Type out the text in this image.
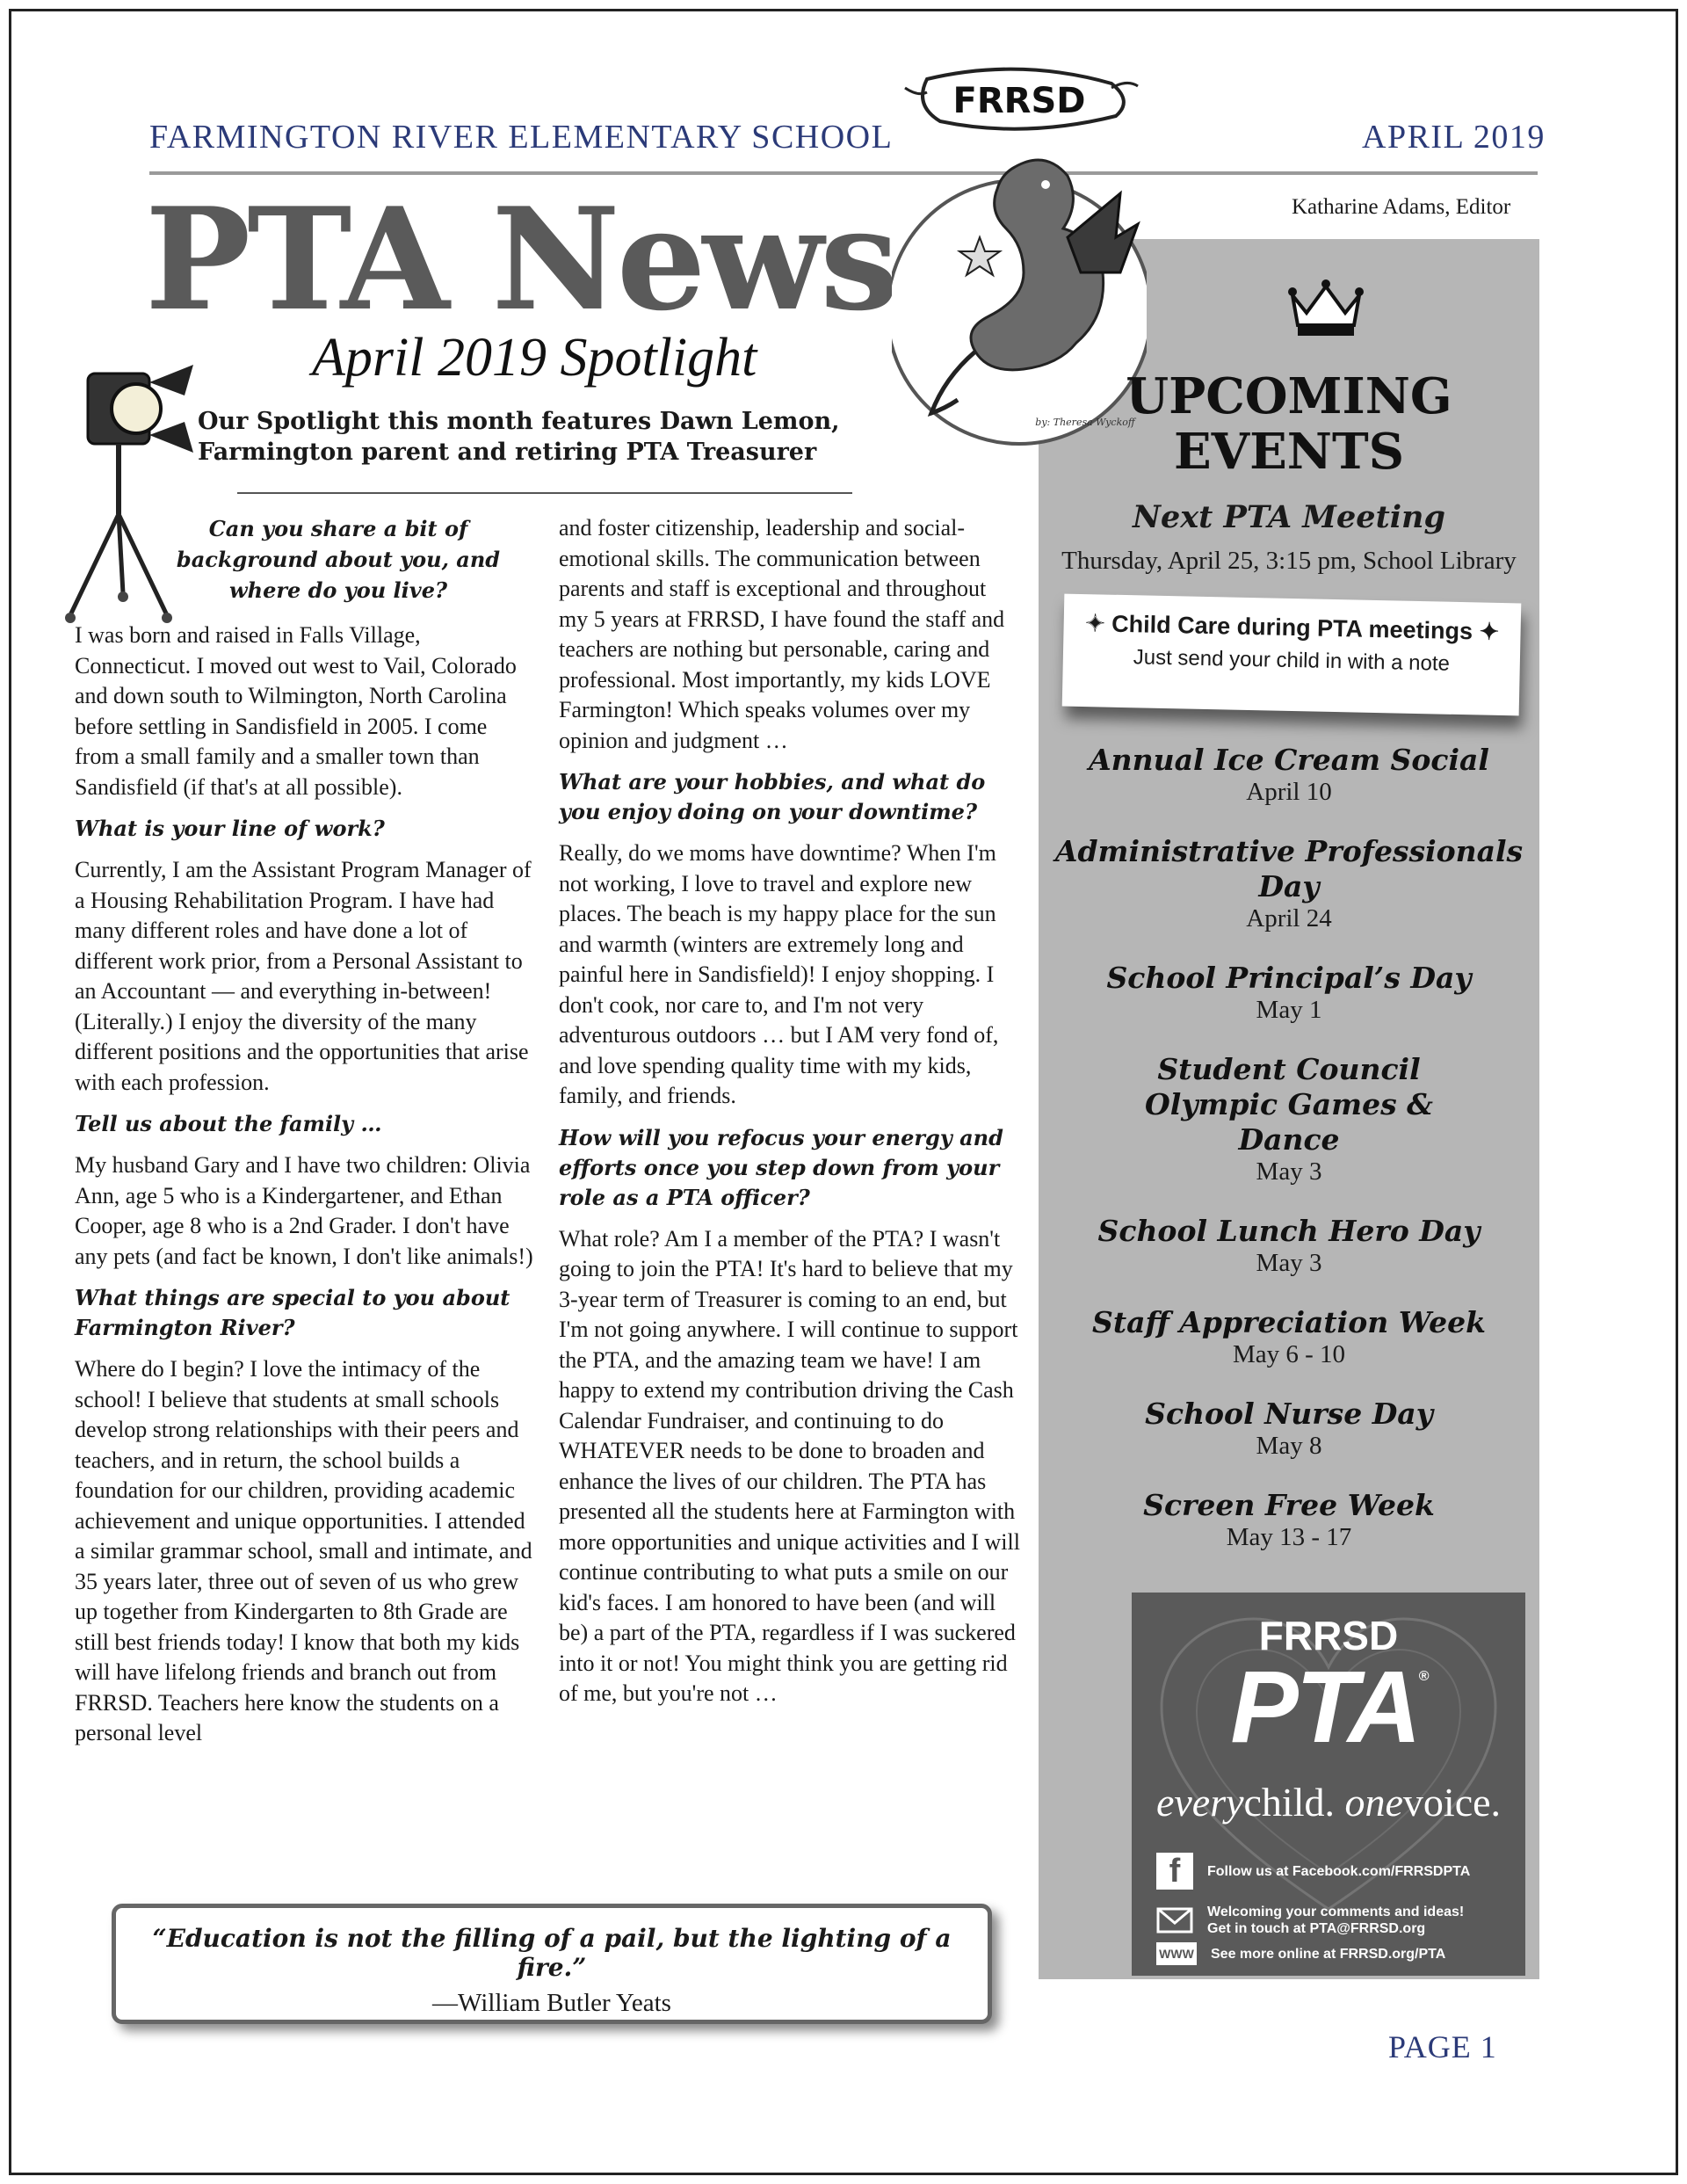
FARMINGTON RIVER ELEMENTARY SCHOOL	APRIL 2019
Katharine Adams, Editor
PTA News
FRRSD
by: Theresa Wyckoff
April 2019 Spotlight
Our Spotlight this month features Dawn Lemon, Farmington parent and retiring PTA Treasurer
Can you share a bit of background about you, and where do you live?

I was born and raised in Falls Village, Connecticut. I moved out west to Vail, Colorado and down south to Wilmington, North Carolina before settling in Sandisfield in 2005. I come from a small family and a smaller town than Sandisfield (if that's at all possible).

What is your line of work?

Currently, I am the Assistant Program Manager of a Housing Rehabilitation Program. I have had many different roles and have done a lot of different work prior, from a Personal Assistant to an Accountant — and everything in-between! (Literally.) I enjoy the diversity of the many different positions and the opportunities that arise with each profession.

Tell us about the family …

My husband Gary and I have two children: Olivia Ann, age 5 who is a Kindergartener, and Ethan Cooper, age 8 who is a 2nd Grader. I don't have any pets (and fact be known, I don't like animals!)

What things are special to you about Farmington River?

Where do I begin? I love the intimacy of the school! I believe that students at small schools develop strong relationships with their peers and teachers, and in return, the school builds a foundation for our children, providing academic achievement and unique opportunities. I attended a similar grammar school, small and intimate, and 35 years later, three out of seven of us who grew up together from Kindergarten to 8th Grade are still best friends today! I know that both my kids will have lifelong friends and branch out from FRRSD. Teachers here know the students on a personal level

and foster citizenship, leadership and social-emotional skills. The communication between parents and staff is exceptional and throughout my 5 years at FRRSD, I have found the staff and teachers are nothing but personable, caring and professional. Most importantly, my kids LOVE Farmington! Which speaks volumes over my opinion and judgment …

What are your hobbies, and what do you enjoy doing on your downtime?

Really, do we moms have downtime? When I'm not working, I love to travel and explore new places. The beach is my happy place for the sun and warmth (winters are extremely long and painful here in Sandisfield)! I enjoy shopping. I don't cook, nor care to, and I'm not very adventurous outdoors … but I AM very fond of, and love spending quality time with my kids, family, and friends.

How will you refocus your energy and efforts once you step down from your role as a PTA officer?

What role? Am I a member of the PTA? I wasn't going to join the PTA! It's hard to believe that my 3-year term of Treasurer is coming to an end, but I'm not going anywhere. I will continue to support the PTA, and the amazing team we have! I am happy to extend my contribution driving the Cash Calendar Fundraiser, and continuing to do WHATEVER needs to be done to broaden and enhance the lives of our children. The PTA has presented all the students here at Farmington with more opportunities and unique activities and I will continue contributing to what puts a smile on our kid's faces. I am honored to have been (and will be) a part of the PTA, regardless if I was suckered into it or not! You might think you are getting rid of me, but you're not …

“Education is not the filling of a pail, but the lighting of a fire.”
—William Butler Yeats
UPCOMING EVENTS
Next PTA Meeting
Thursday, April 25, 3:15 pm, School Library
✦ Child Care during PTA meetings ✦
Just send your child in with a note
Annual Ice Cream Social
April 10
Administrative Professionals Day
April 24
School Principal’s Day
May 1
Student Council Olympic Games & Dance
May 3
School Lunch Hero Day
May 3
Staff Appreciation Week
May 6 - 10
School Nurse Day
May 8
Screen Free Week
May 13 - 17
FRRSD
PTA®
everychild. onevoice.
f	Follow us at Facebook.com/FRRSDPTA
Welcoming your comments and ideas!
Get in touch at PTA@FRRSD.org
WWW See more online at FRRSD.org/PTA
PAGE 1
